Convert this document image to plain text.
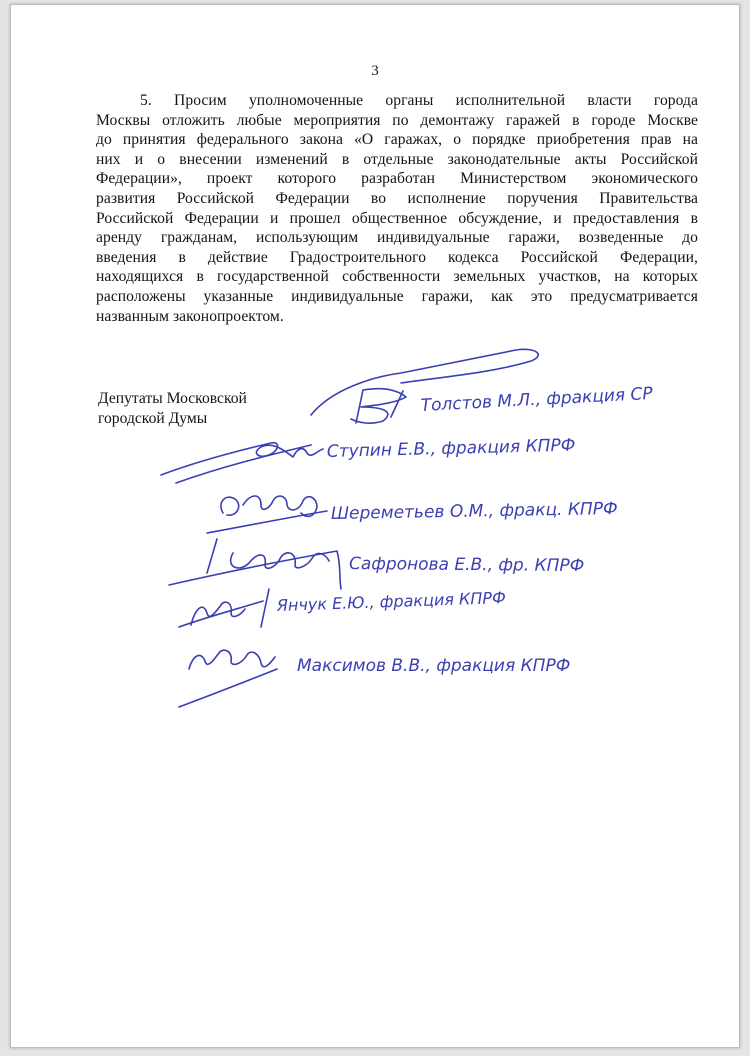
3
5. Просим уполномоченные органы исполнительной власти города
Москвы отложить любые мероприятия по демонтажу гаражей в городе Москве
до принятия федерального закона «О гаражах, о порядке приобретения прав на
них и о внесении изменений в отдельные законодательные акты Российской
Федерации», проект которого разработан Министерством экономического
развития Российской Федерации во исполнение поручения Правительства
Российской Федерации и прошел общественное обсуждение, и предоставления в
аренду гражданам, использующим индивидуальные гаражи, возведенные до
введения в действие Градостроительного кодекса Российской Федерации,
находящихся в государственной собственности земельных участков, на которых
расположены указанные индивидуальные гаражи, как это предусматривается
названным законопроектом.
Депутаты Московской
городской Думы
Толстов М.Л., фракция СР
Ступин Е.В., фракция КПРФ
Шереметьев О.М., фракц. КПРФ
Сафронова Е.В., фр. КПРФ
Янчук Е.Ю., фракция КПРФ
Максимов В.В., фракция КПРФ
